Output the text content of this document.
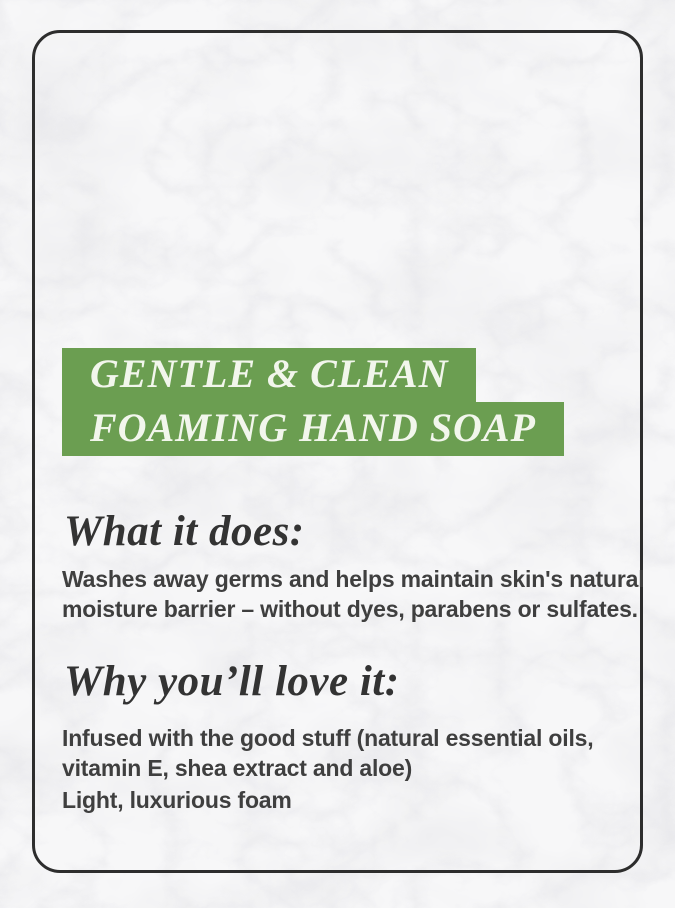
GENTLE & CLEAN
FOAMING HAND SOAP
What it does:

Washes away germs and helps maintain skin's natural
moisture barrier – without dyes, parabens or sulfates.

Why you’ll love it:

Infused with the good stuff (natural essential oils,
vitamin E, shea extract and aloe)

Light, luxurious foam
